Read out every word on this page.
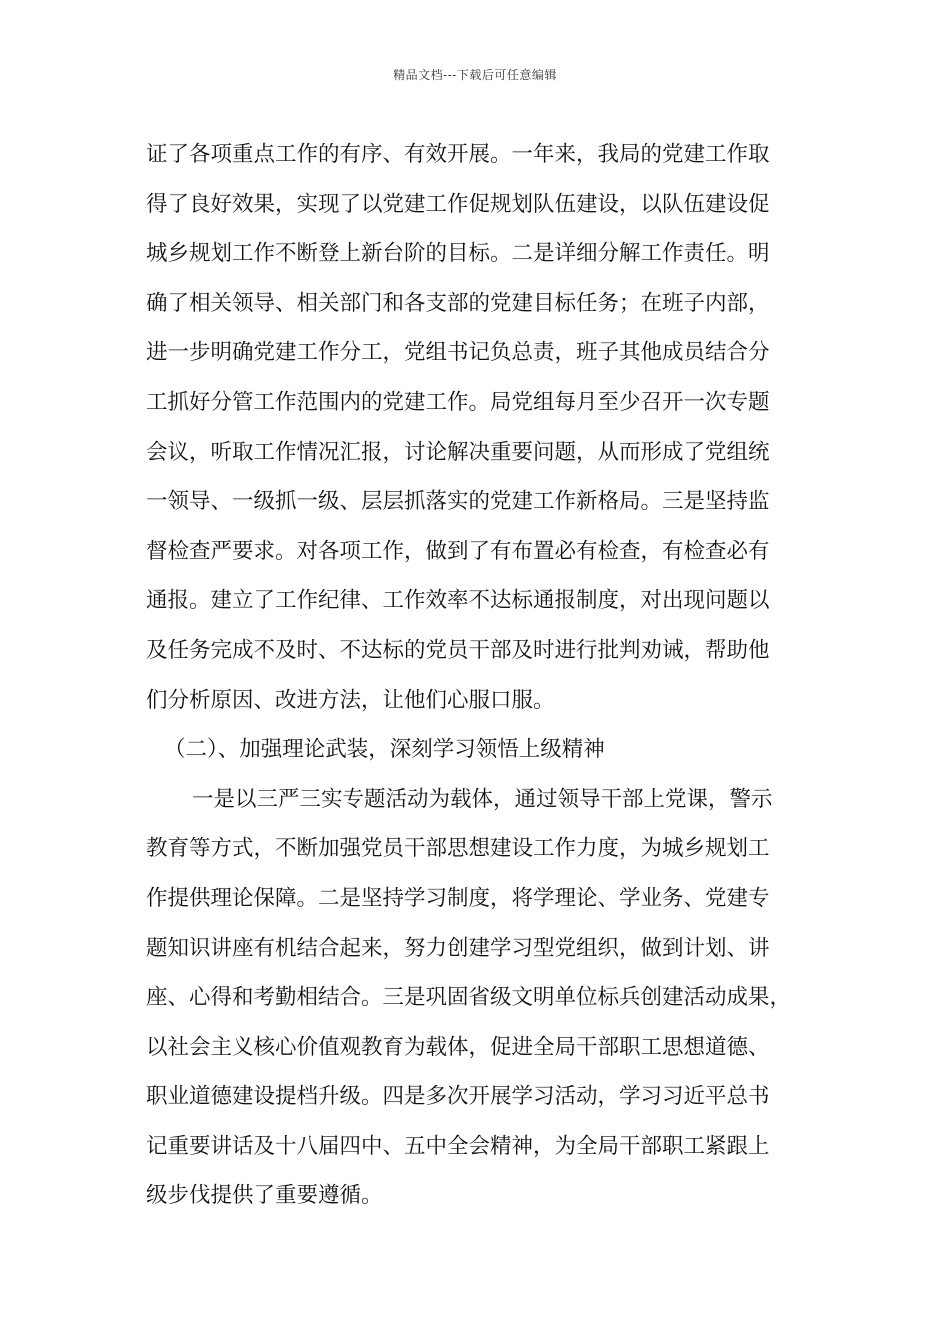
精品文档---下载后可任意编辑
证了各项重点工作的有序、有效开展。一年来，我局的党建工作取
得了良好效果，实现了以党建工作促规划队伍建设，以队伍建设促
城乡规划工作不断登上新台阶的目标。二是详细分解工作责任。明
确了相关领导、相关部门和各支部的党建目标任务；在班子内部，
进一步明确党建工作分工，党组书记负总责，班子其他成员结合分
工抓好分管工作范围内的党建工作。局党组每月至少召开一次专题
会议，听取工作情况汇报，讨论解决重要问题，从而形成了党组统
一领导、一级抓一级、层层抓落实的党建工作新格局。三是坚持监
督检查严要求。对各项工作，做到了有布置必有检查，有检查必有
通报。建立了工作纪律、工作效率不达标通报制度，对出现问题以
及任务完成不及时、不达标的党员干部及时进行批判劝诫，帮助他
们分析原因、改进方法，让他们心服口服。
（二）、加强理论武装，深刻学习领悟上级精神
一是以三严三实专题活动为载体，通过领导干部上党课，警示
教育等方式，不断加强党员干部思想建设工作力度，为城乡规划工
作提供理论保障。二是坚持学习制度，将学理论、学业务、党建专
题知识讲座有机结合起来，努力创建学习型党组织，做到计划、讲
座、心得和考勤相结合。三是巩固省级文明单位标兵创建活动成果，
以社会主义核心价值观教育为载体，促进全局干部职工思想道德、
职业道德建设提档升级。四是多次开展学习活动，学习习近平总书
记重要讲话及十八届四中、五中全会精神，为全局干部职工紧跟上
级步伐提供了重要遵循。
